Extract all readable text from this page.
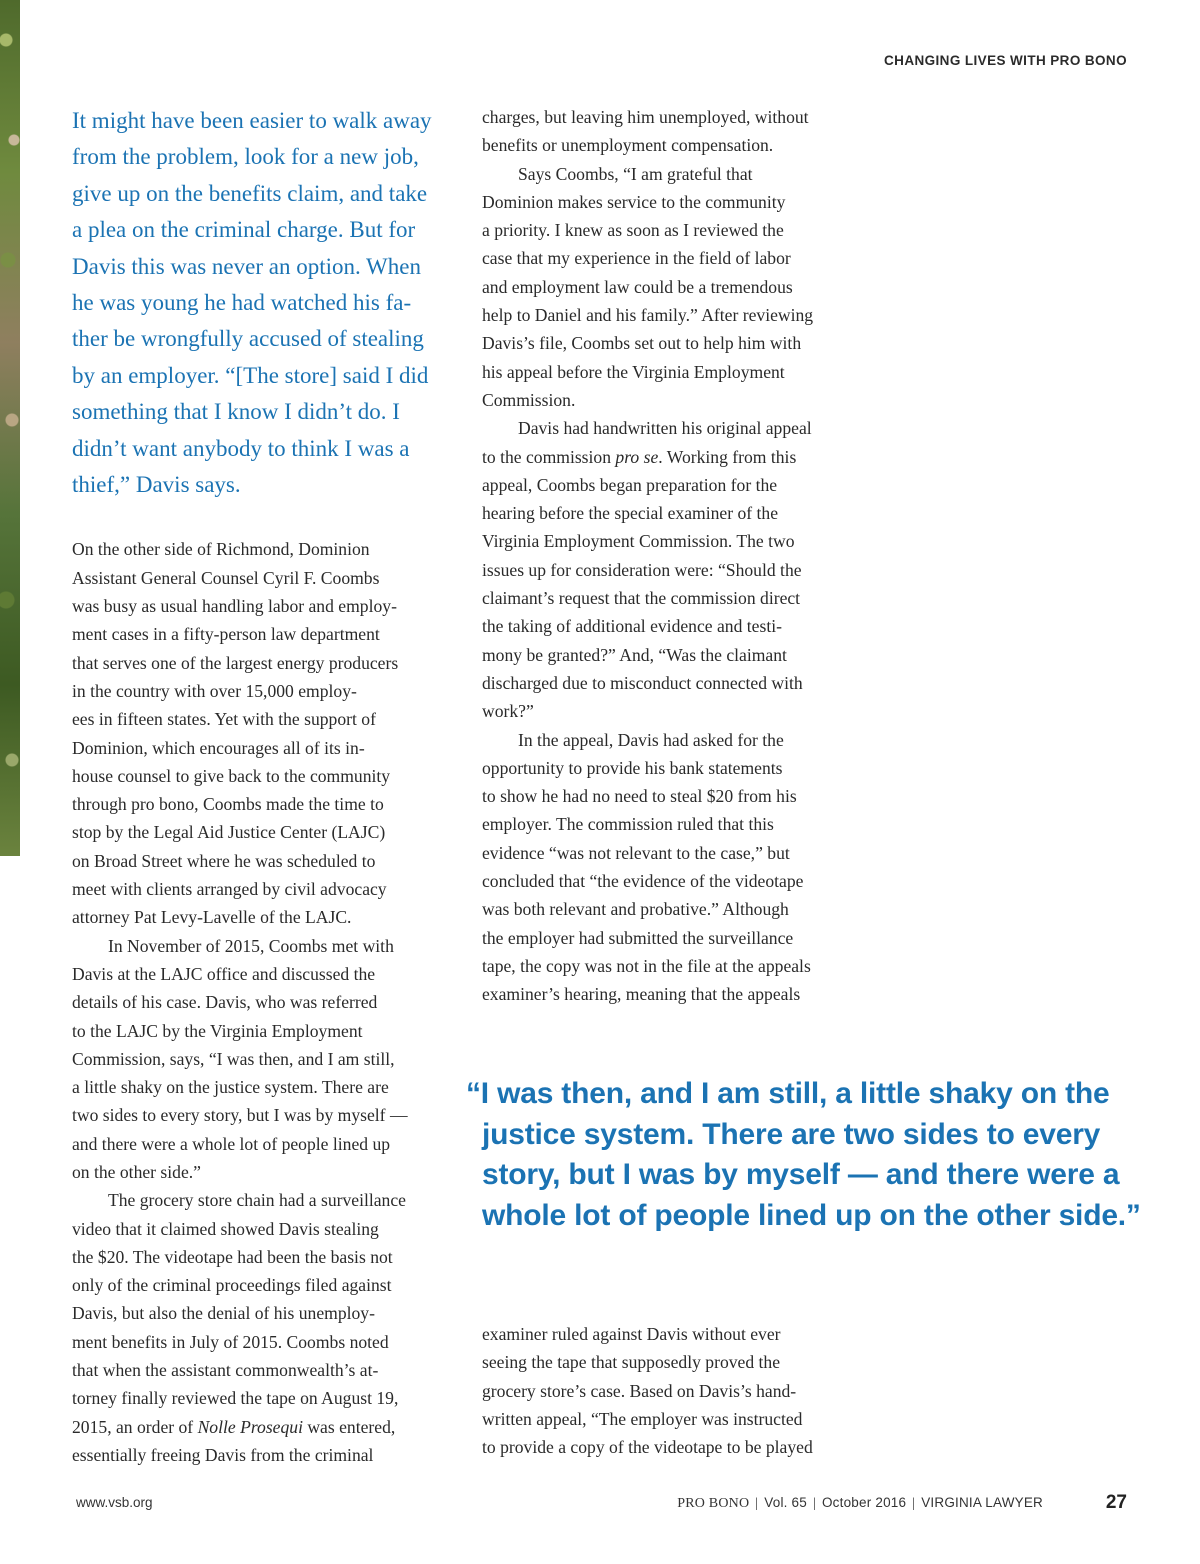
CHANGING LIVES WITH PRO BONO
It might have been easier to walk away
from the problem, look for a new job,
give up on the benefits claim, and take
a plea on the criminal charge. But for
Davis this was never an option. When
he was young he had watched his fa-
ther be wrongfully accused of stealing
by an employer. “[The store] said I did
something that I know I didn’t do. I
didn’t want anybody to think I was a
thief,” Davis says.
On the other side of Richmond, Dominion
Assistant General Counsel Cyril F. Coombs
was busy as usual handling labor and employ-
ment cases in a fifty-person law department
that serves one of the largest energy producers
in the country with over 15,000 employ-
ees in fifteen states. Yet with the support of
Dominion, which encourages all of its in-
house counsel to give back to the community
through pro bono, Coombs made the time to
stop by the Legal Aid Justice Center (LAJC)
on Broad Street where he was scheduled to
meet with clients arranged by civil advocacy
attorney Pat Levy-Lavelle of the LAJC.
In November of 2015, Coombs met with
Davis at the LAJC office and discussed the
details of his case. Davis, who was referred
to the LAJC by the Virginia Employment
Commission, says, “I was then, and I am still,
a little shaky on the justice system. There are
two sides to every story, but I was by myself —
and there were a whole lot of people lined up
on the other side.”
The grocery store chain had a surveillance
video that it claimed showed Davis stealing
the $20. The videotape had been the basis not
only of the criminal proceedings filed against
Davis, but also the denial of his unemploy-
ment benefits in July of 2015. Coombs noted
that when the assistant commonwealth’s at-
torney finally reviewed the tape on August 19,
2015, an order of Nolle Prosequi was entered,
essentially freeing Davis from the criminal
charges, but leaving him unemployed, without
benefits or unemployment compensation.
Says Coombs, “I am grateful that
Dominion makes service to the community
a priority. I knew as soon as I reviewed the
case that my experience in the field of labor
and employment law could be a tremendous
help to Daniel and his family.” After reviewing
Davis’s file, Coombs set out to help him with
his appeal before the Virginia Employment
Commission.
Davis had handwritten his original appeal
to the commission pro se. Working from this
appeal, Coombs began preparation for the
hearing before the special examiner of the
Virginia Employment Commission. The two
issues up for consideration were: “Should the
claimant’s request that the commission direct
the taking of additional evidence and testi-
mony be granted?” And, “Was the claimant
discharged due to misconduct connected with
work?”
In the appeal, Davis had asked for the
opportunity to provide his bank statements
to show he had no need to steal $20 from his
employer. The commission ruled that this
evidence “was not relevant to the case,” but
concluded that “the evidence of the videotape
was both relevant and probative.” Although
the employer had submitted the surveillance
tape, the copy was not in the file at the appeals
examiner’s hearing, meaning that the appeals
“I was then, and I am still, a little shaky on the
justice system. There are two sides to every
story, but I was by myself — and there were a
whole lot of people lined up on the other side.”
examiner ruled against Davis without ever
seeing the tape that supposedly proved the
grocery store’s case. Based on Davis’s hand-
written appeal, “The employer was instructed
to provide a copy of the videotape to be played
www.vsb.org	PRO BONO | Vol. 65 | October 2016 | VIRGINIA LAWYER	27
